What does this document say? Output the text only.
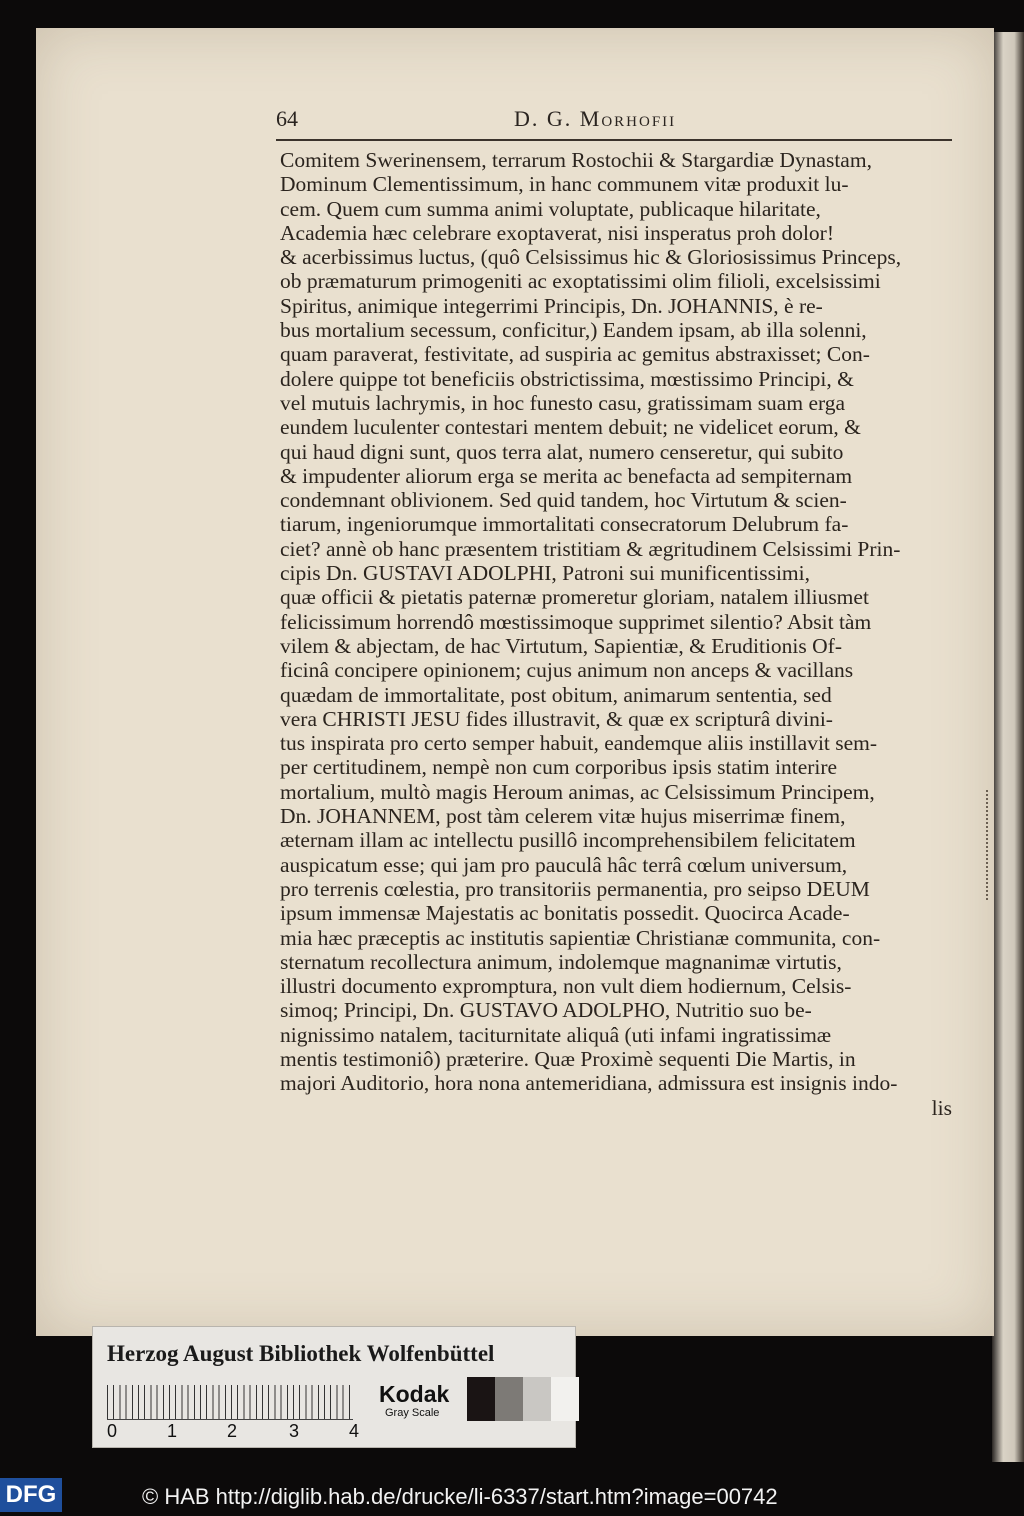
64	D. G. Morhofii
Comitem Swerinensem, terrarum Rostochii & Stargardiæ Dynastam,
Dominum Clementissimum, in hanc communem vitæ produxit lu-
cem. Quem cum summa animi voluptate, publicaque hilaritate,
Academia hæc celebrare exoptaverat, nisi insperatus proh dolor!
& acerbissimus luctus, (quô Celsissimus hic & Gloriosissimus Princeps,
ob præmaturum primogeniti ac exoptatissimi olim filioli, excelsissimi
Spiritus, animique integerrimi Principis, Dn. JOHANNIS, è re-
bus mortalium secessum, conficitur,) Eandem ipsam, ab illa solenni,
quam paraverat, festivitate, ad suspiria ac gemitus abstraxisset; Con-
dolere quippe tot beneficiis obstrictissima, mœstissimo Principi, &
vel mutuis lachrymis, in hoc funesto casu, gratissimam suam erga
eundem luculenter contestari mentem debuit; ne videlicet eorum, &
qui haud digni sunt, quos terra alat, numero censeretur, qui subito
& impudenter aliorum erga se merita ac benefacta ad sempiternam
condemnant oblivionem. Sed quid tandem, hoc Virtutum & scien-
tiarum, ingeniorumque immortalitati consecratorum Delubrum fa-
ciet? annè ob hanc præsentem tristitiam & ægritudinem Celsissimi Prin-
cipis Dn. GUSTAVI ADOLPHI, Patroni sui munificentissimi,
quæ officii & pietatis paternæ promeretur gloriam, natalem illiusmet
felicissimum horrendô mœstissimoque supprimet silentio? Absit tàm
vilem & abjectam, de hac Virtutum, Sapientiæ, & Eruditionis Of-
ficinâ concipere opinionem; cujus animum non anceps & vacillans
quædam de immortalitate, post obitum, animarum sententia, sed
vera CHRISTI JESU fides illustravit, & quæ ex scripturâ divini-
tus inspirata pro certo semper habuit, eandemque aliis instillavit sem-
per certitudinem, nempè non cum corporibus ipsis statim interire
mortalium, multò magis Heroum animas, ac Celsissimum Principem,
Dn. JOHANNEM, post tàm celerem vitæ hujus miserrimæ finem,
æternam illam ac intellectu pusillô incomprehensibilem felicitatem
auspicatum esse; qui jam pro pauculâ hâc terrâ cœlum universum,
pro terrenis cœlestia, pro transitoriis permanentia, pro seipso DEUM
ipsum immensæ Majestatis ac bonitatis possedit. Quocirca Acade-
mia hæc præceptis ac institutis sapientiæ Christianæ communita, con-
sternatum recollectura animum, indolemque magnanimæ virtutis,
illustri documento exprompturа, non vult diem hodiernum, Celsis-
simoq; Principi, Dn. GUSTAVO ADOLPHO, Nutritio suo be-
nignissimo natalem, taciturnitate aliquâ (uti infami ingratissimæ
mentis testimoniô) præterire. Quæ Proximè sequenti Die Martis, in
majori Auditorio, hora nona antemeridiana, admissura est insignis indo-
lis
Herzog August Bibliothek Wolfenbüttel
0	1	2	3	4
Kodak
Gray Scale
DFG	© HAB http://diglib.hab.de/drucke/li-6337/start.htm?image=00742
